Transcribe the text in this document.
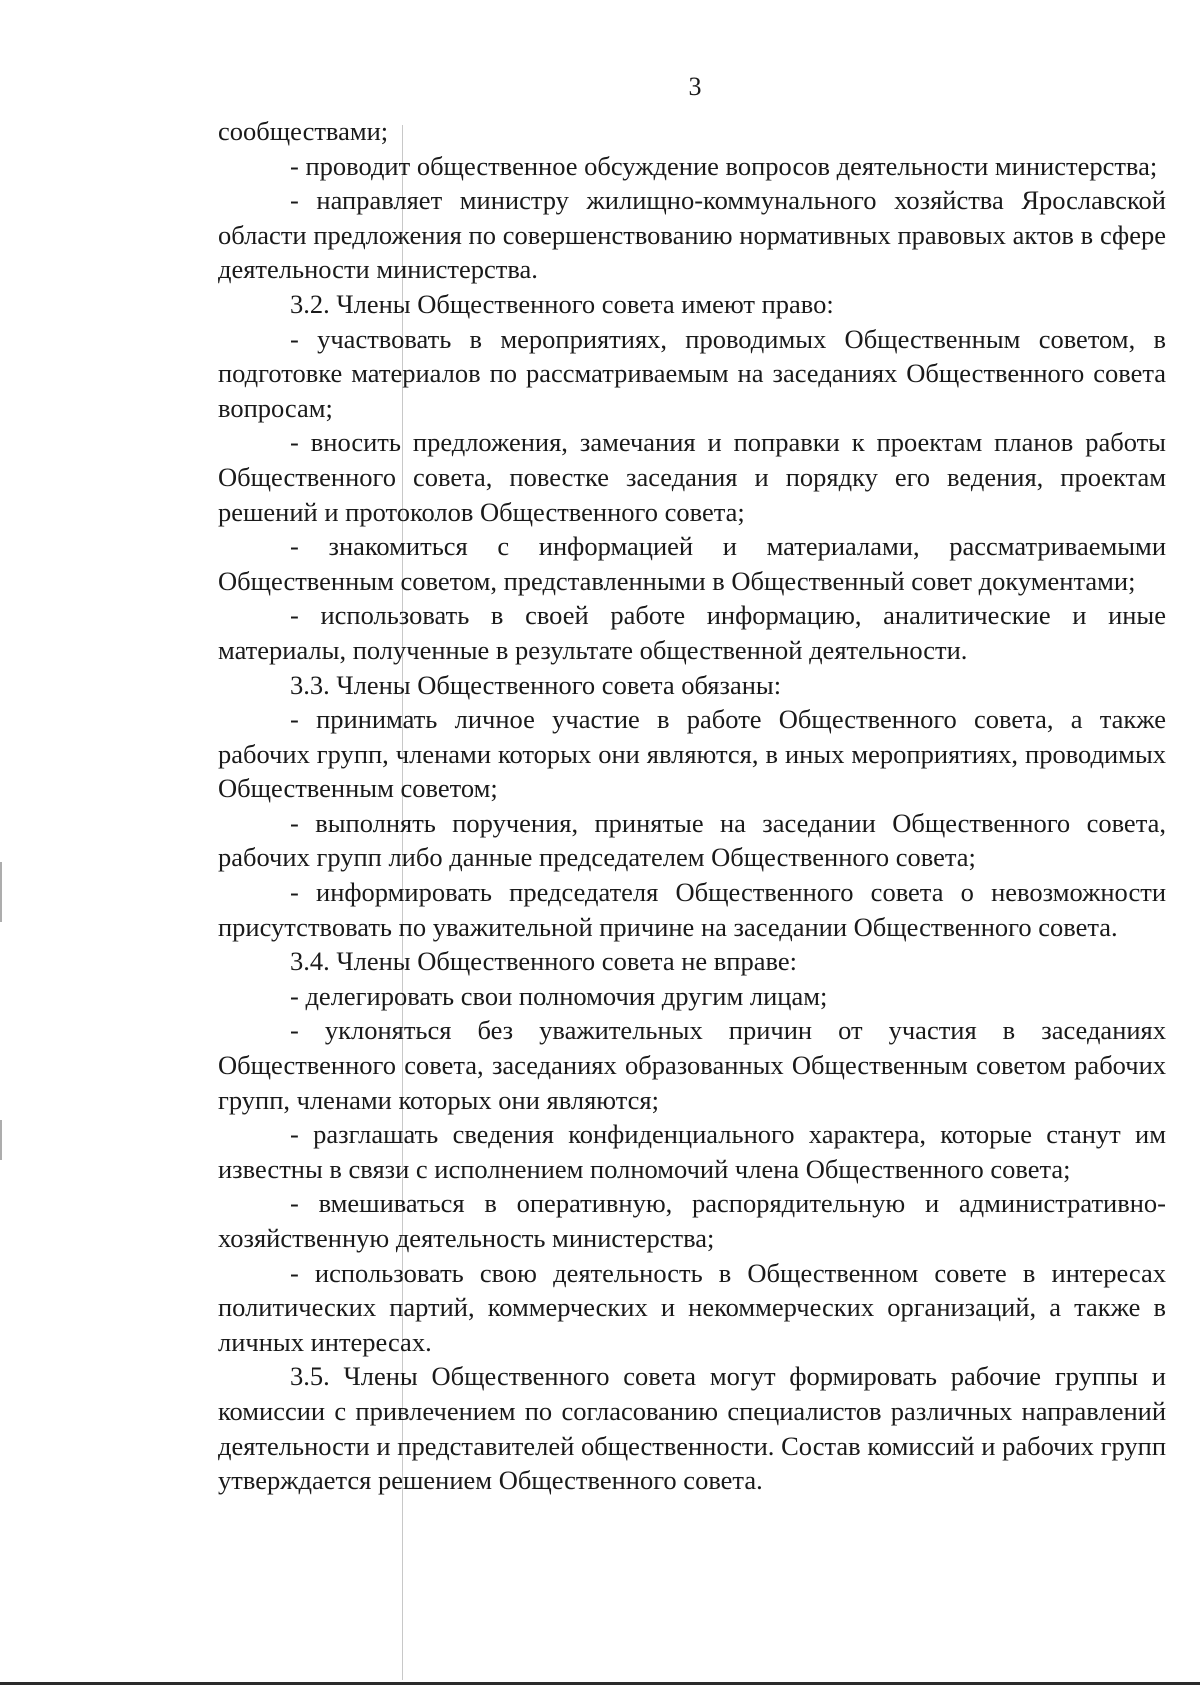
3

сообществами;

- проводит общественное обсуждение вопросов деятельности министерства;

- направляет министру жилищно-коммунального хозяйства Ярославской области предложения по совершенствованию нормативных правовых актов в сфере деятельности министерства.

3.2. Члены Общественного совета имеют право:

- участвовать в мероприятиях, проводимых Общественным советом, в подготовке материалов по рассматриваемым на заседаниях Общественного совета вопросам;

- вносить предложения, замечания и поправки к проектам планов работы Общественного совета, повестке заседания и порядку его ведения, проектам решений и протоколов Общественного совета;

- знакомиться с информацией и материалами, рассматриваемыми Общественным советом, представленными в Общественный совет документами;

- использовать в своей работе информацию, аналитические и иные материалы, полученные в результате общественной деятельности.

3.3. Члены Общественного совета обязаны:

- принимать личное участие в работе Общественного совета, а также рабочих групп, членами которых они являются, в иных мероприятиях, проводимых Общественным советом;

- выполнять поручения, принятые на заседании Общественного совета, рабочих групп либо данные председателем Общественного совета;

- информировать председателя Общественного совета о невозможности присутствовать по уважительной причине на заседании Общественного совета.

3.4. Члены Общественного совета не вправе:

- делегировать свои полномочия другим лицам;

- уклоняться без уважительных причин от участия в заседаниях Общественного совета, заседаниях образованных Общественным советом рабочих групп, членами которых они являются;

- разглашать сведения конфиденциального характера, которые станут им известны в связи с исполнением полномочий члена Общественного совета;

- вмешиваться в оперативную, распорядительную и административно-хозяйственную деятельность министерства;

- использовать свою деятельность в Общественном совете в интересах политических партий, коммерческих и некоммерческих организаций, а также в личных интересах.

3.5. Члены Общественного совета могут формировать рабочие группы и комиссии с привлечением по согласованию специалистов различных направлений деятельности и представителей общественности. Состав комиссий и рабочих групп утверждается решением Общественного совета.
